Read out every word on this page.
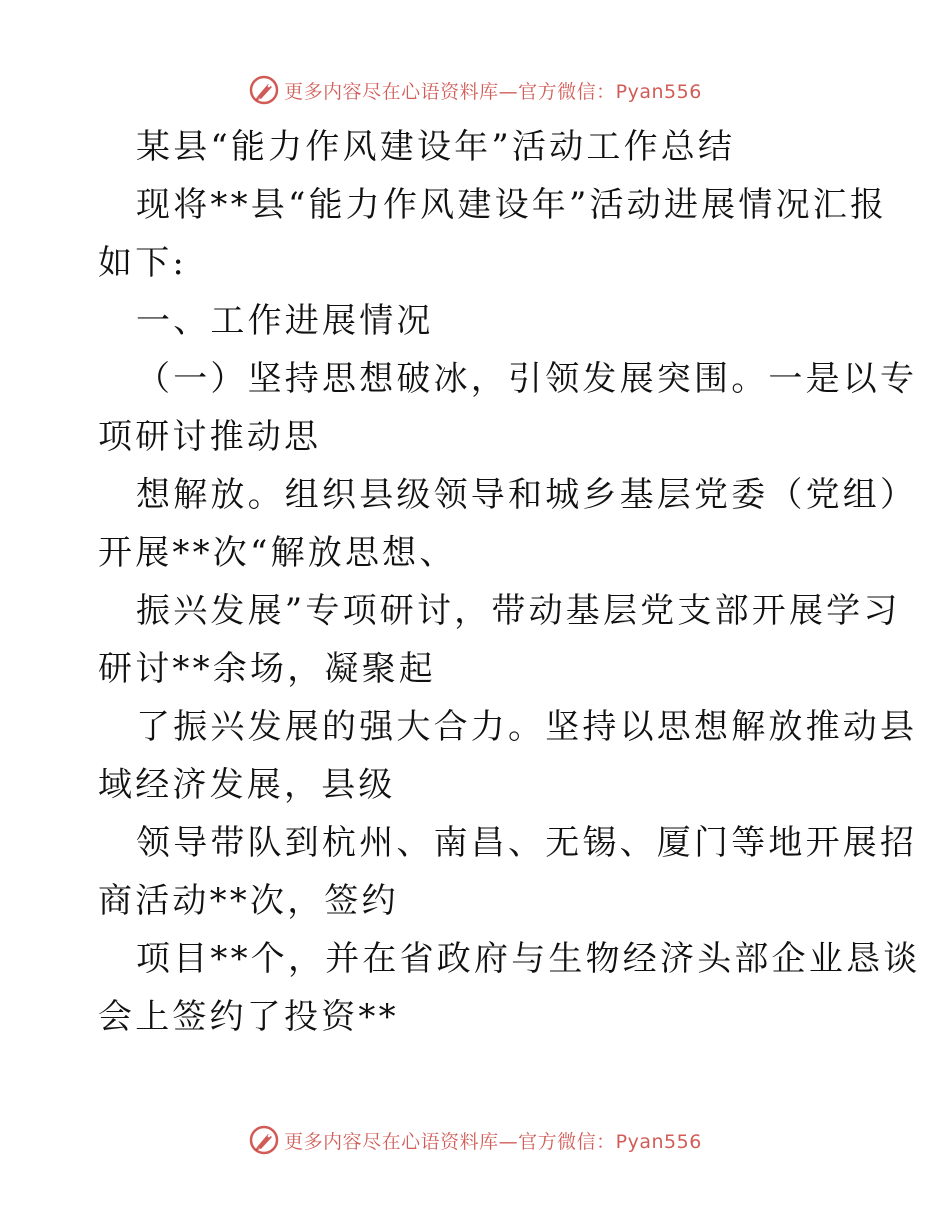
更多内容尽在心语资料库—官方微信：Pyan556
某县“能力作风建设年”活动工作总结
现将**县“能力作风建设年”活动进展情况汇报
如下:
一、工作进展情况
（一）坚持思想破冰，引领发展突围。一是以专
项研讨推动思
想解放。组织县级领导和城乡基层党委（党组）
开展**次“解放思想、
振兴发展”专项研讨，带动基层党支部开展学习
研讨**余场，凝聚起
了振兴发展的强大合力。坚持以思想解放推动县
域经济发展，县级
领导带队到杭州、南昌、无锡、厦门等地开展招
商活动**次，签约
项目**个，并在省政府与生物经济头部企业恳谈
会上签约了投资**
更多内容尽在心语资料库—官方微信：Pyan556
